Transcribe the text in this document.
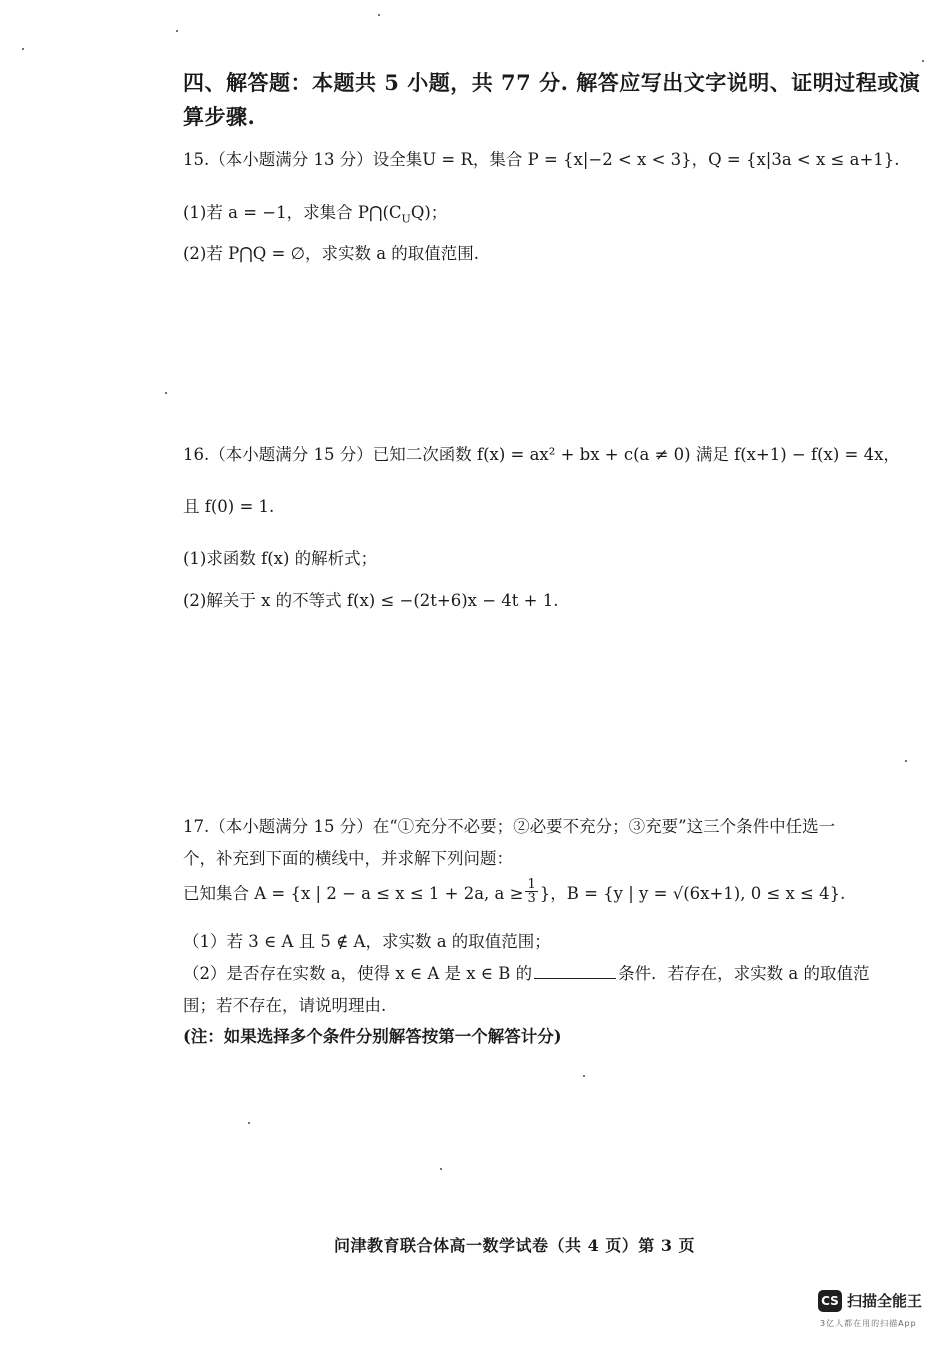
四、解答题：本题共 5 小题，共 77 分. 解答应写出文字说明、证明过程或演
算步骤.
15.（本小题满分 13 分）设全集U = R，集合 P = {x|−2 < x < 3}，Q = {x|3a < x ≤ a+1}.
(1)若 a = −1，求集合 $P⋂(C_UQ)$；
(2)若 P⋂Q = ∅，求实数 a 的取值范围.
16.（本小题满分 15 分）已知二次函数 f(x) = ax² + bx + c(a ≠ 0) 满足 f(x+1) − f(x) = 4x，
且 f(0) = 1.
(1)求函数 f(x) 的解析式；
(2)解关于 x 的不等式 f(x) ≤ −(2t+6)x − 4t + 1.
17.（本小题满分 15 分）在“①充分不必要；②必要不充分；③充要”这三个条件中任选一
个，补充到下面的横线中，并求解下列问题：
已知集合 A = {x | 2 − a ≤ x ≤ 1 + 2a, $a \ge \frac{1}{3}$ }，B = {y | y = √(6x+1), 0 ≤ x ≤ 4}.
（1）若 3 ∈ A 且 5 ∉ A，求实数 a 的取值范围；
（2）是否存在实数 a，使得 x ∈ A 是 x ∈ B 的	条件．若存在，求实数 a 的取值范
围；若不存在，请说明理由.
(注：如果选择多个条件分别解答按第一个解答计分)
问津教育联合体高一数学试卷（共 4 页）第 3 页
CS 扫描全能王
3亿人都在用的扫描App
